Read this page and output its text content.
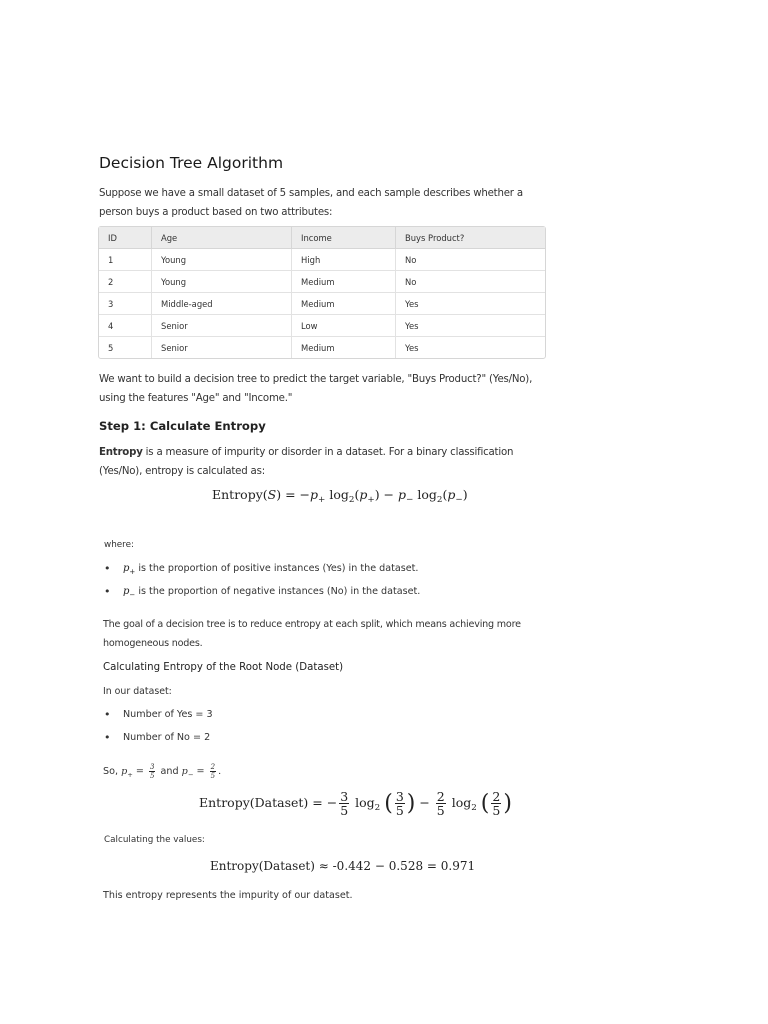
Decision Tree Algorithm
Suppose we have a small dataset of 5 samples, and each sample describes whether a person buys a product based on two attributes:
ID	Age	Income	Buys Product?
1	Young	High	No
2	Young	Medium	No
3	Middle-aged	Medium	Yes
4	Senior	Low	Yes
5	Senior	Medium	Yes
We want to build a decision tree to predict the target variable, "Buys Product?" (Yes/No), using the features "Age" and "Income."
Step 1: Calculate Entropy
Entropy is a measure of impurity or disorder in a dataset. For a binary classification (Yes/No), entropy is calculated as:
Entropy(S) = $-p_+$ $\log_2(p_+) - p_-$ $\log_2(p_-)$
where:
• $p_+$ is the proportion of positive instances (Yes) in the dataset.
• $p_-$ is the proportion of negative instances (No) in the dataset.
The goal of a decision tree is to reduce entropy at each split, which means achieving more homogeneous nodes.
Calculating Entropy of the Root Node (Dataset)
In our dataset:
• Number of Yes = 3
• Number of No = 2
So, $p_+ = \frac{3}{5}$ and $p_- = \frac{2}{5}$ .
Entropy(Dataset) = − $\frac{3}{5} \log_2$ ( $\frac{3}{5}$ ) − $\frac{2}{5} \log_2$ ( $\frac{2}{5}$ )
Calculating the values:
Entropy(Dataset) ≈ -0.442 − 0.528 = 0.971
This entropy represents the impurity of our dataset.
